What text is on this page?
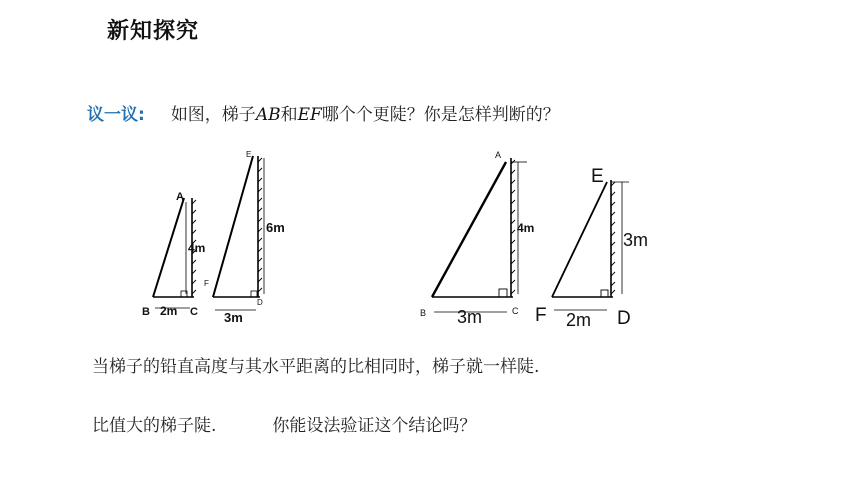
新知探究
议一议: 如图，梯子AB和EF哪个个更陡？你是怎样判断的？
A
B	C
4m
2m
E
F
D
6m
3m
A
B	C
4m
3m
E
F	D
3m
2m
当梯子的铅直高度与其水平距离的比相同时，梯子就一样陡.
比值大的梯子陡.	你能设法验证这个结论吗？
